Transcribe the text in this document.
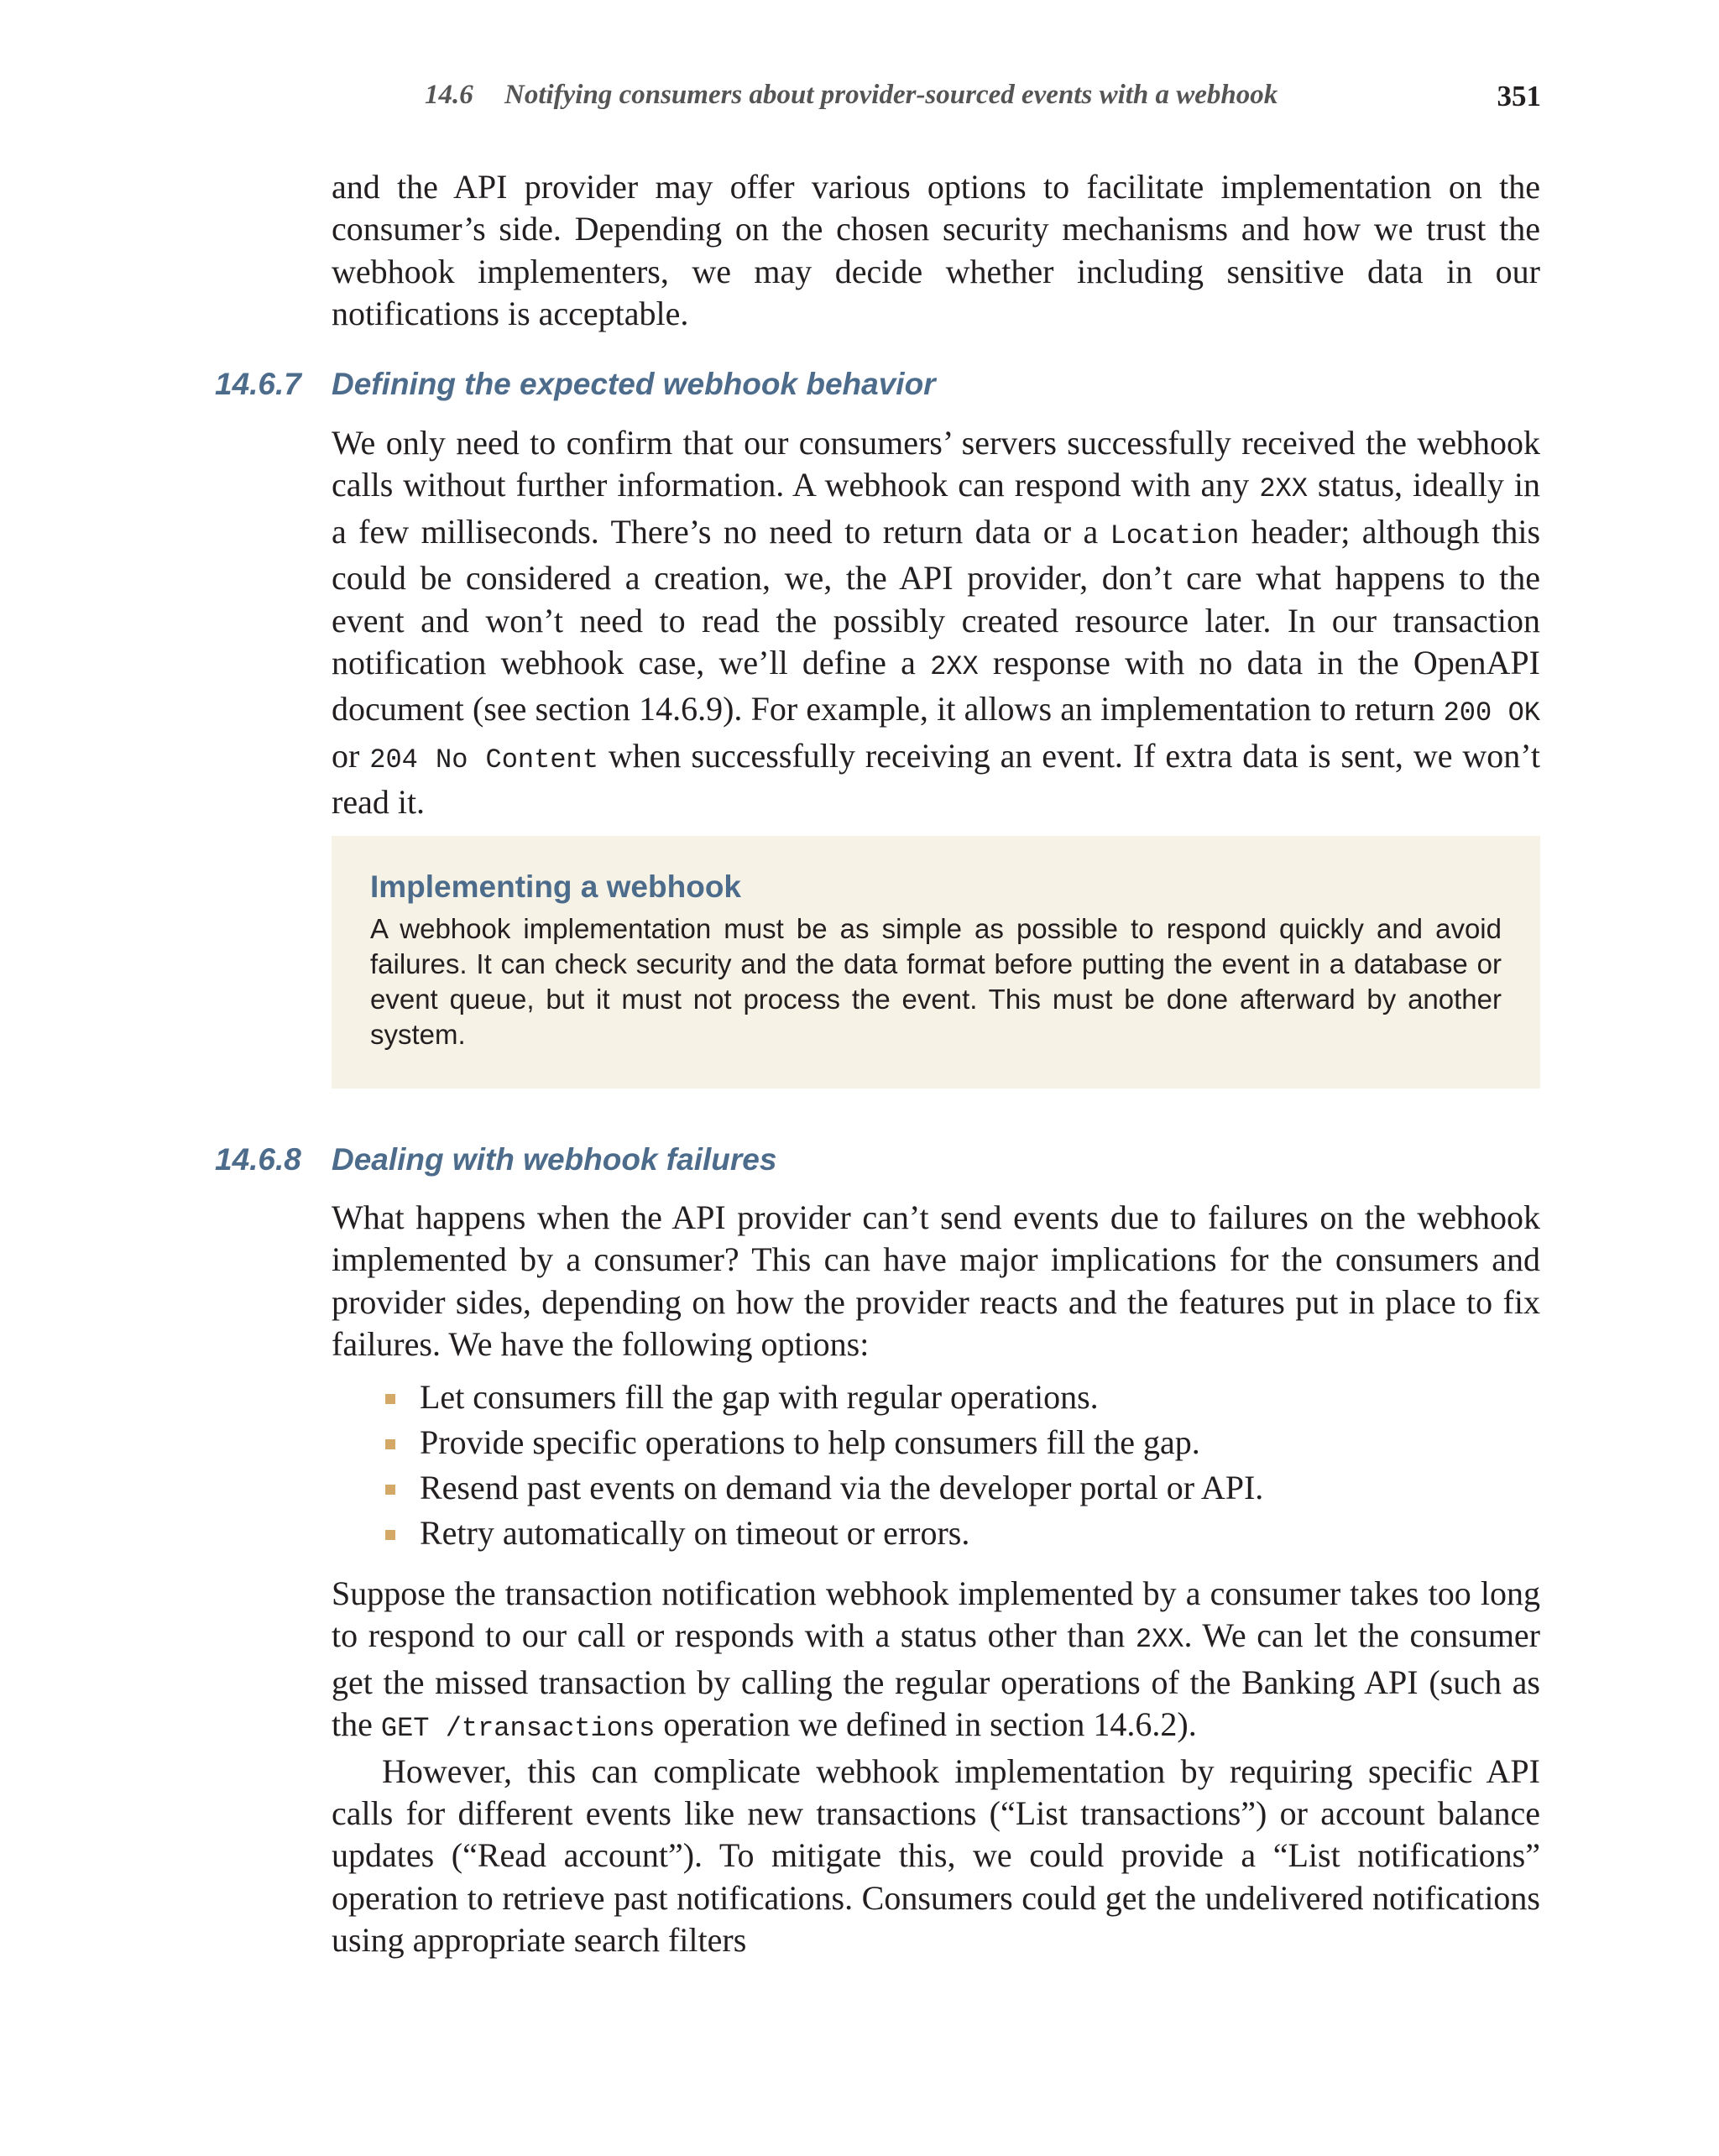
14.6 Notifying consumers about provider-sourced events with a webhook	351

and the API provider may offer various options to facilitate implementation on the consumer’s side. Depending on the chosen security mechanisms and how we trust the webhook implementers, we may decide whether including sensitive data in our notifications is acceptable.

14.6.7 Defining the expected webhook behavior

We only need to confirm that our consumers’ servers successfully received the webhook calls without further information. A webhook can respond with any 2XX status, ideally in a few milliseconds. There’s no need to return data or a Location header; although this could be considered a creation, we, the API provider, don’t care what happens to the event and won’t need to read the possibly created resource later. In our transaction notification webhook case, we’ll define a 2XX response with no data in the OpenAPI document (see section 14.6.9). For example, it allows an implementation to return 200 OK or 204 No Content when successfully receiving an event. If extra data is sent, we won’t read it.

Implementing a webhook
A webhook implementation must be as simple as possible to respond quickly and avoid failures. It can check security and the data format before putting the event in a database or event queue, but it must not process the event. This must be done afterward by another system.
14.6.8 Dealing with webhook failures

What happens when the API provider can’t send events due to failures on the webhook implemented by a consumer? This can have major implications for the consumers and provider sides, depending on how the provider reacts and the features put in place to fix failures. We have the following options:

Let consumers fill the gap with regular operations.
Provide specific operations to help consumers fill the gap.
Resend past events on demand via the developer portal or API.
Retry automatically on timeout or errors.

Suppose the transaction notification webhook implemented by a consumer takes too long to respond to our call or responds with a status other than 2XX. We can let the consumer get the missed transaction by calling the regular operations of the Banking API (such as the GET /transactions operation we defined in section 14.6.2).

However, this can complicate webhook implementation by requiring specific API calls for different events like new transactions (“List transactions”) or account balance updates (“Read account”). To mitigate this, we could provide a “List notifications” operation to retrieve past notifications. Consumers could get the undelivered notifications using appropriate search filters
